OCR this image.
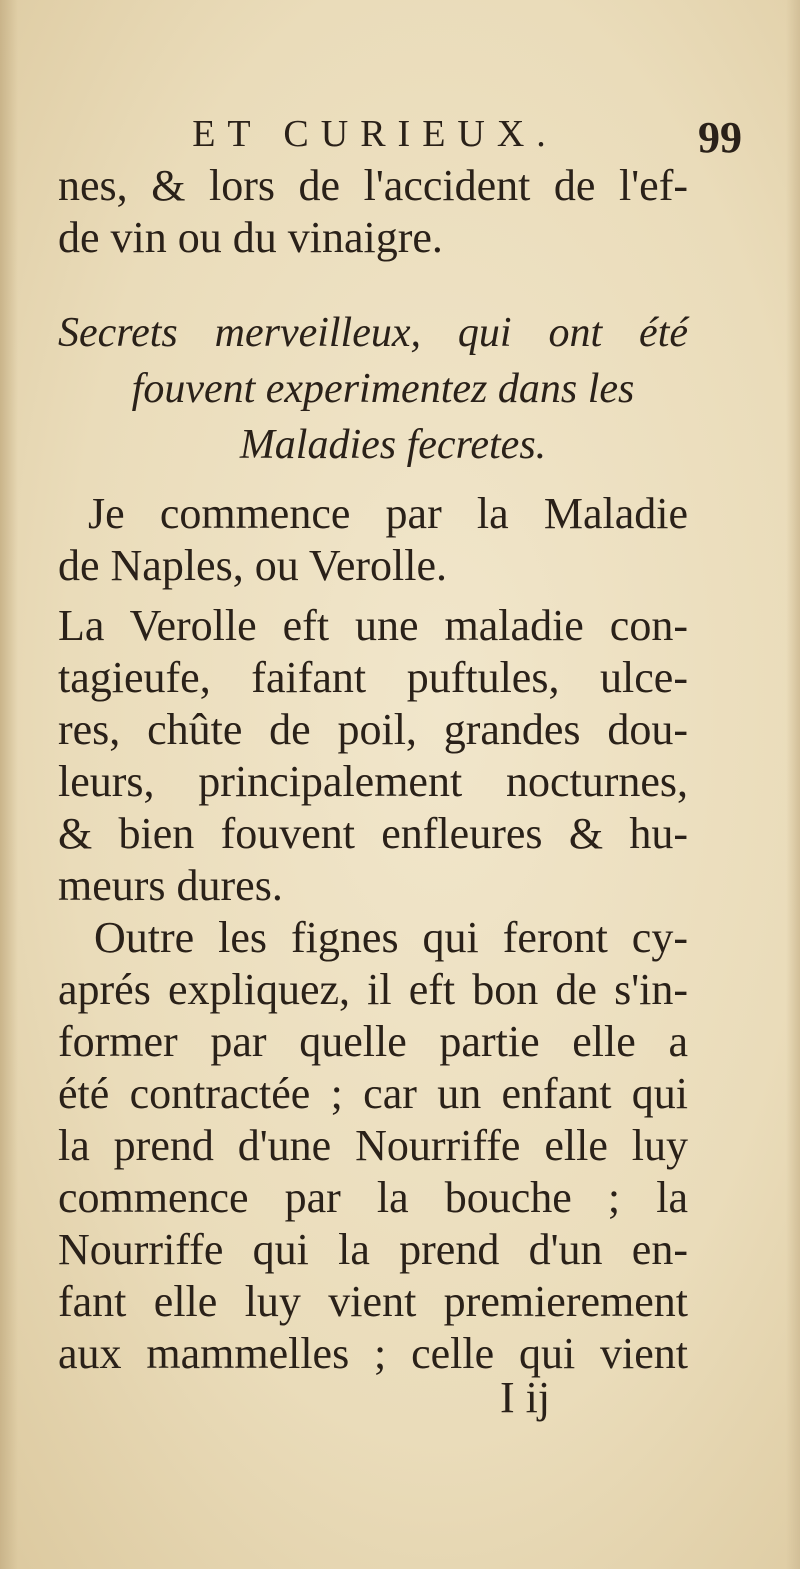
ET CURIEUX.	99
nes, & lors de l'accident de l'ef-
de vin ou du vinaigre.
Secrets merveilleux, qui ont été
fouvent experimentez dans les
Maladies fecretes.
Je commence par la Maladie
de Naples, ou Verolle.
La Verolle eft une maladie con-
tagieufe, faifant puftules, ulce-
res, chûte de poil, grandes dou-
leurs, principalement nocturnes,
& bien fouvent enfleures & hu-
meurs dures.
Outre les fignes qui feront cy-
aprés expliquez, il eft bon de s'in-
former par quelle partie elle a
été contractée ; car un enfant qui
la prend d'une Nourriffe elle luy
commence par la bouche ; la
Nourriffe qui la prend d'un en-
fant elle luy vient premierement
aux mammelles ; celle qui vient
I ij
